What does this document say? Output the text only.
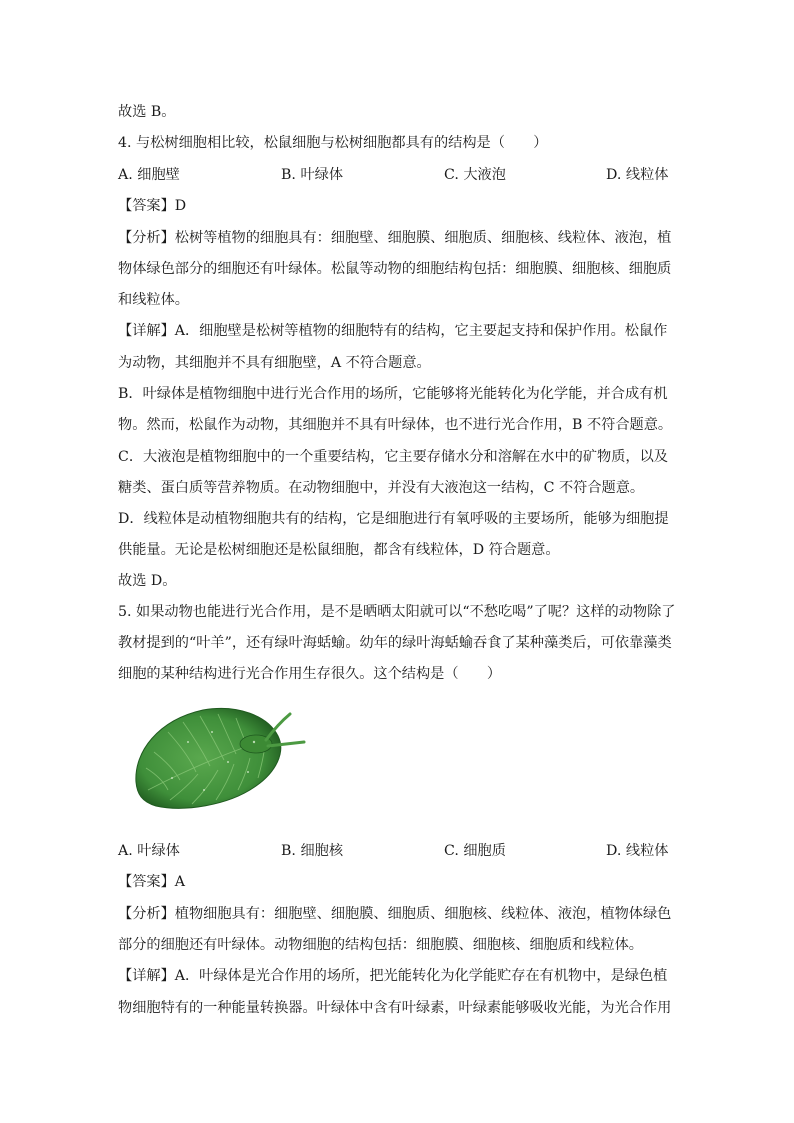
故选 B。
4. 与松树细胞相比较，松鼠细胞与松树细胞都具有的结构是（　　）
A. 细胞壁	B. 叶绿体	C. 大液泡	D. 线粒体
【答案】D
【分析】松树等植物的细胞具有：细胞壁、细胞膜、细胞质、细胞核、线粒体、液泡，植
物体绿色部分的细胞还有叶绿体。松鼠等动物的细胞结构包括：细胞膜、细胞核、细胞质
和线粒体。
【详解】A．细胞壁是松树等植物的细胞特有的结构，它主要起支持和保护作用。松鼠作
为动物，其细胞并不具有细胞壁，A 不符合题意。
B．叶绿体是植物细胞中进行光合作用的场所，它能够将光能转化为化学能，并合成有机
物。然而，松鼠作为动物，其细胞并不具有叶绿体，也不进行光合作用，B 不符合题意。
C．大液泡是植物细胞中的一个重要结构，它主要存储水分和溶解在水中的矿物质，以及
糖类、蛋白质等营养物质。在动物细胞中，并没有大液泡这一结构，C 不符合题意。
D．线粒体是动植物细胞共有的结构，它是细胞进行有氧呼吸的主要场所，能够为细胞提
供能量。无论是松树细胞还是松鼠细胞，都含有线粒体，D 符合题意。
故选 D。
5. 如果动物也能进行光合作用，是不是晒晒太阳就可以“不愁吃喝”了呢？这样的动物除了
教材提到的“叶羊”，还有绿叶海蛞蝓。幼年的绿叶海蛞蝓吞食了某种藻类后，可依靠藻类
细胞的某种结构进行光合作用生存很久。这个结构是（　　）
A. 叶绿体	B. 细胞核	C. 细胞质	D. 线粒体
【答案】A
【分析】植物细胞具有：细胞壁、细胞膜、细胞质、细胞核、线粒体、液泡，植物体绿色
部分的细胞还有叶绿体。动物细胞的结构包括：细胞膜、细胞核、细胞质和线粒体。
【详解】A．叶绿体是光合作用的场所，把光能转化为化学能贮存在有机物中，是绿色植
物细胞特有的一种能量转换器。叶绿体中含有叶绿素，叶绿素能够吸收光能，为光合作用
